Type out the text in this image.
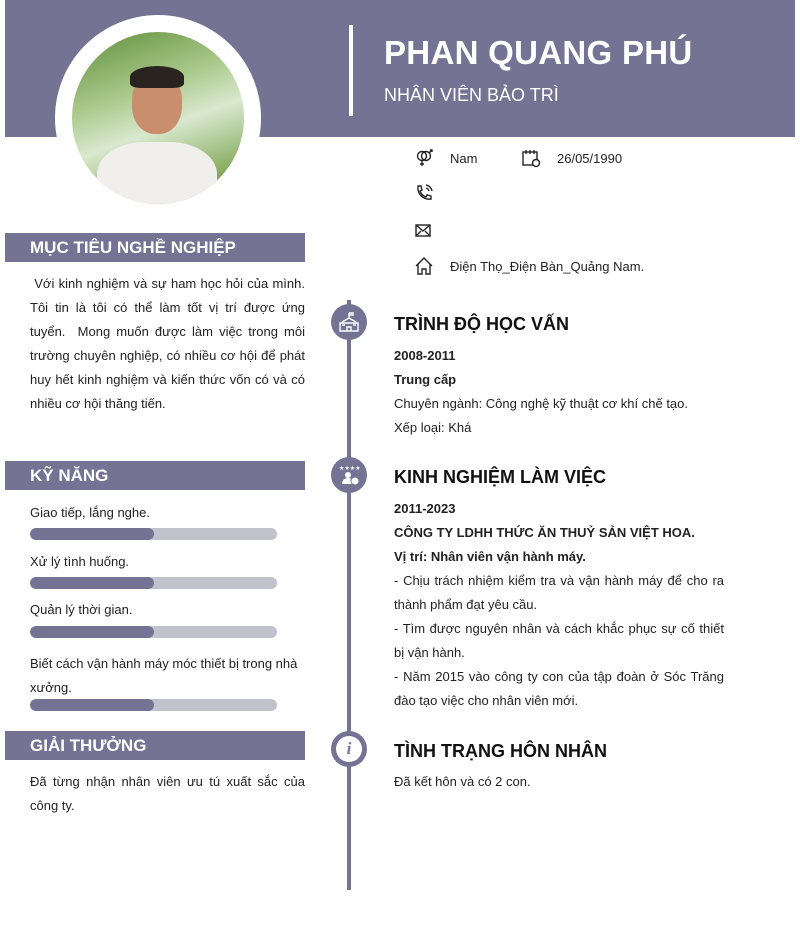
PHAN QUANG PHÚ
NHÂN VIÊN BẢO TRÌ
Nam	26/05/1990
Điện Thọ_Điện Bàn_Quảng Nam.
MỤC TIÊU NGHỀ NGHIỆP
Với kinh nghiệm và sự ham học hỏi của mình. Tôi tin là tôi có thể làm tốt vị trí được ứng tuyển.  Mong muốn được làm việc trong môi trường chuyên nghiệp, có nhiều cơ hội để phát huy hết kinh nghiệm và kiến thức vốn có và có nhiều cơ hội thăng tiến.
KỸ NĂNG
Giao tiếp, lắng nghe.
Xử lý tình huống.
Quản lý thời gian.
Biết cách vận hành máy móc thiết bị trong nhà xưởng.
GIẢI THƯỞNG
Đã từng nhận nhân viên ưu tú xuất sắc của công ty.
★★★★
i
TRÌNH ĐỘ HỌC VẤN
2008-2011
Trung cấp
Chuyên ngành: Công nghệ kỹ thuật cơ khí chế tạo.
Xếp loại: Khá
KINH NGHIỆM LÀM VIỆC
2011-2023
CÔNG TY LDHH THỨC ĂN THUỶ SẢN VIỆT HOA.
Vị trí: Nhân viên vận hành máy.
- Chịu trách nhiệm kiểm tra và vận hành máy để cho ra thành phẩm đạt yêu cầu.
- Tìm được nguyên nhân và cách khắc phục sự cố thiết bị vận hành.
- Năm 2015 vào công ty con của tập đoàn ở Sóc Trăng đào tạo việc cho nhân viên mới.
TÌNH TRẠNG HÔN NHÂN
Đã kết hôn và có 2 con.
